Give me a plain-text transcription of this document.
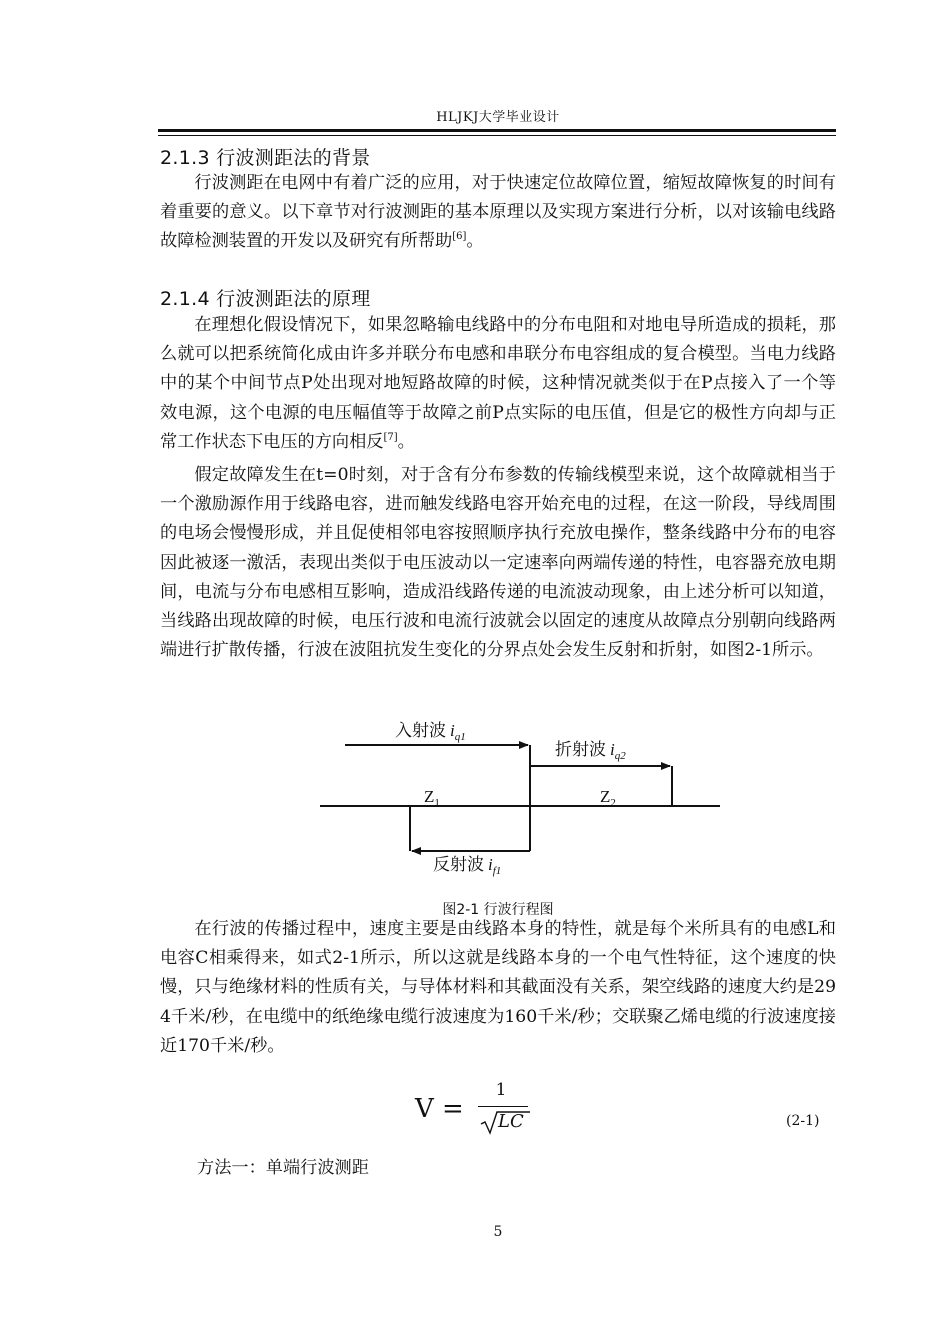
HLJKJ大学毕业设计
2.1.3 行波测距法的背景
行波测距在电网中有着广泛的应用，对于快速定位故障位置，缩短故障恢复的时间有着重要的意义。以下章节对行波测距的基本原理以及实现方案进行分析，以对该输电线路故障检测装置的开发以及研究有所帮助[6]。
2.1.4 行波测距法的原理
在理想化假设情况下，如果忽略输电线路中的分布电阻和对地电导所造成的损耗，那么就可以把系统简化成由许多并联分布电感和串联分布电容组成的复合模型。当电力线路中的某个中间节点P处出现对地短路故障的时候，这种情况就类似于在P点接入了一个等效电源，这个电源的电压幅值等于故障之前P点实际的电压值，但是它的极性方向却与正常工作状态下电压的方向相反[7]。
假定故障发生在t=0时刻，对于含有分布参数的传输线模型来说，这个故障就相当于一个激励源作用于线路电容，进而触发线路电容开始充电的过程，在这一阶段，导线周围的电场会慢慢形成，并且促使相邻电容按照顺序执行充放电操作，整条线路中分布的电容因此被逐一激活，表现出类似于电压波动以一定速率向两端传递的特性，电容器充放电期间，电流与分布电感相互影响，造成沿线路传递的电流波动现象，由上述分析可以知道，当线路出现故障的时候，电压行波和电流行波就会以固定的速度从故障点分别朝向线路两端进行扩散传播，行波在波阻抗发生变化的分界点处会发生反射和折射，如图2-1所示。
入射波 $i_{q1}$
折射波 $i_{q2}$
$Z_1$	$Z_2$
反射波 $i_{f1}$
图2-1 行波行程图
在行波的传播过程中，速度主要是由线路本身的特性，就是每个米所具有的电感L和电容C相乘得来，如式2-1所示，所以这就是线路本身的一个电气性特征，这个速度的快慢，只与绝缘材料的性质有关，与导体材料和其截面没有关系，架空线路的速度大约是294千米/秒，在电缆中的纸绝缘电缆行波速度为160千米/秒；交联聚乙烯电缆的行波速度接近170千米/秒。
V =
1
LC	(2-1)
方法一：单端行波测距
5
